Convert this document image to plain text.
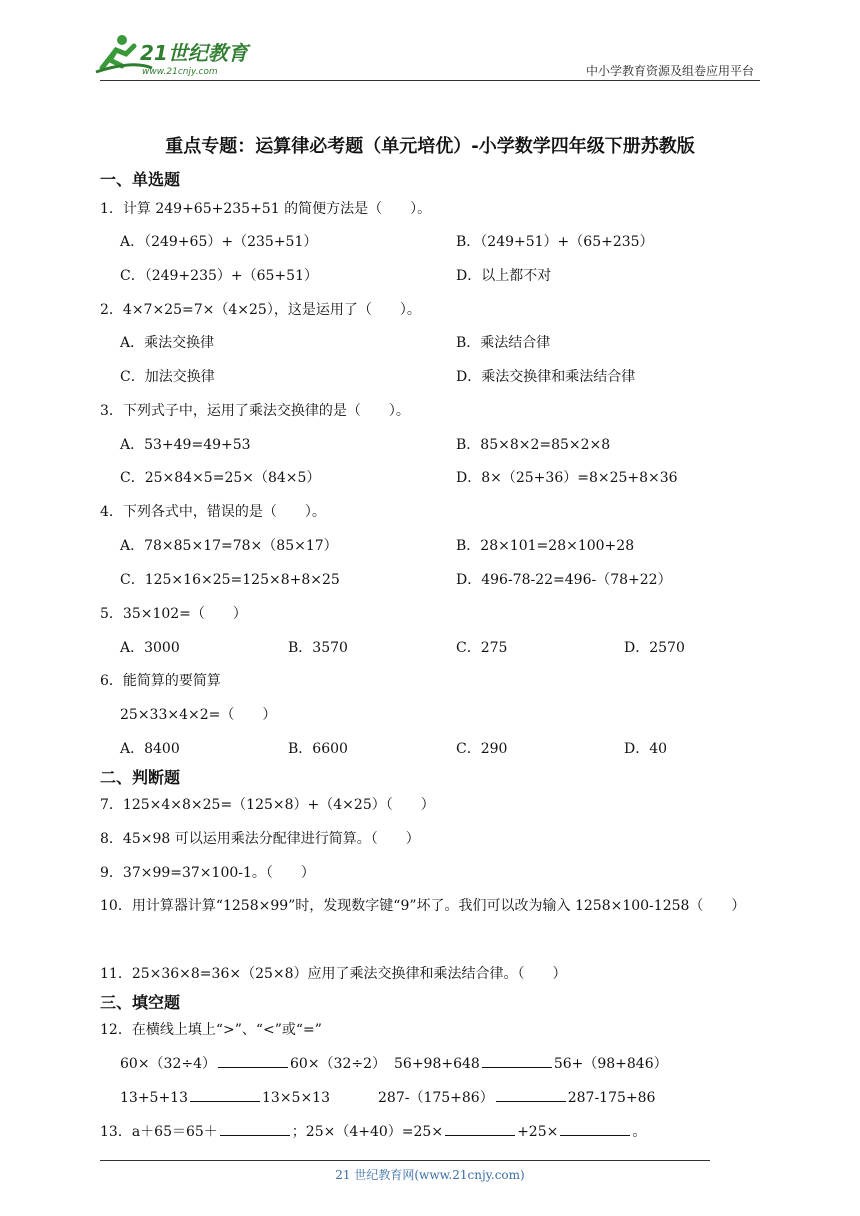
21世纪教育
www.21cnjy.com	中小学教育资源及组卷应用平台
重点专题：运算律必考题（单元培优）-小学数学四年级下册苏教版
一、单选题
1．计算 249+65+235+51 的简便方法是（　　）。
A．（249+65）+（235+51）	B．（249+51）+（65+235）
C．（249+235）+（65+51）	D．以上都不对
2．4×7×25=7×（4×25），这是运用了（　　）。
A．乘法交换律	B．乘法结合律
C．加法交换律	D．乘法交换律和乘法结合律
3．下列式子中，运用了乘法交换律的是（　　）。
A．53+49=49+53	B．85×8×2=85×2×8
C．25×84×5=25×（84×5）	D．8×（25+36）=8×25+8×36
4．下列各式中，错误的是（　　）。
A．78×85×17=78×（85×17）	B．28×101=28×100+28
C．125×16×25=125×8+8×25	D．496-78-22=496-（78+22）
5．35×102=（　　）
A．3000	B．3570	C．275	D．2570
6．能简算的要简算
25×33×4×2=（　　）
A．8400	B．6600	C．290	D．40
二、判断题
7．125×4×8×25=（125×8）+（4×25）（　　）
8．45×98 可以运用乘法分配律进行简算。（　　）
9．37×99=37×100-1。（　　）
10．用计算器计算“1258×99”时，发现数字键“9”坏了。我们可以改为输入 1258×100-1258（　　）
11．25×36×8=36×（25×8）应用了乘法交换律和乘法结合律。（　　）
三、填空题
12．在横线上填上“>”、“<”或“=”
60×（32÷4）	60×（32÷2） 56+98+648	56+（98+846）
13+5+13	13×5×13	287-（175+86）	287-175+86
13．a＋65＝65＋	；25×（4+40）=25×	+25×	。
21 世纪教育网(www.21cnjy.com)
